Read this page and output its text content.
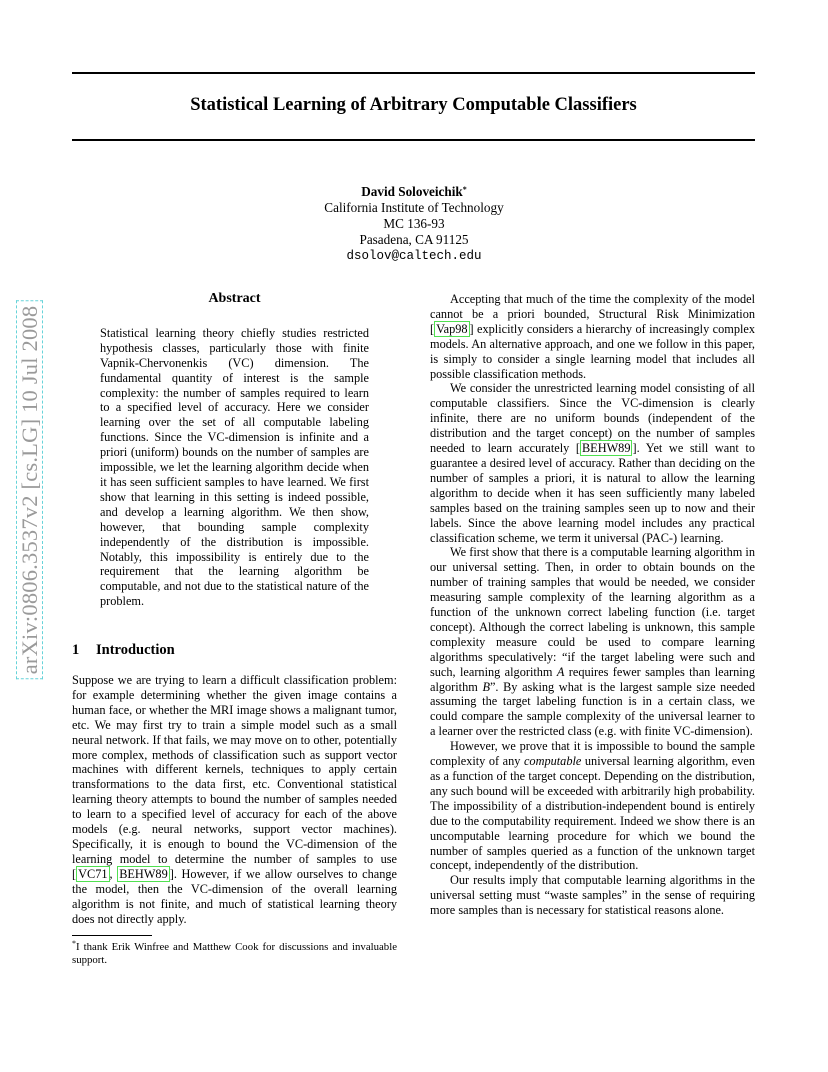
Statistical Learning of Arbitrary Computable Classifiers
David Soloveichik*
California Institute of Technology
MC 136-93
Pasadena, CA 91125
dsolov@caltech.edu
arXiv:0806.3537v2 [cs.LG] 10 Jul 2008
Abstract

Statistical learning theory chiefly studies restricted hypothesis classes, particularly those with finite Vapnik-Chervonenkis (VC) dimension. The fundamental quantity of interest is the sample complexity: the number of samples required to learn to a specified level of accuracy. Here we consider learning over the set of all computable labeling functions. Since the VC-dimension is infinite and a priori (uniform) bounds on the number of samples are impossible, we let the learning algorithm decide when it has seen sufficient samples to have learned. We first show that learning in this setting is indeed possible, and develop a learning algorithm. We then show, however, that bounding sample complexity independently of the distribution is impossible. Notably, this impossibility is entirely due to the requirement that the learning algorithm be computable, and not due to the statistical nature of the problem.

1 Introduction

Suppose we are trying to learn a difficult classification problem: for example determining whether the given image contains a human face, or whether the MRI image shows a malignant tumor, etc. We may first try to train a simple model such as a small neural network. If that fails, we may move on to other, potentially more complex, methods of classification such as support vector machines with different kernels, techniques to apply certain transformations to the data first, etc. Conventional statistical learning theory attempts to bound the number of samples needed to learn to a specified level of accuracy for each of the above models (e.g. neural networks, support vector machines). Specifically, it is enough to bound the VC-dimension of the learning model to determine the number of samples to use [ VC71 , BEHW89 ]. However, if we allow ourselves to change the model, then the VC-dimension of the overall learning algorithm is not finite, and much of statistical learning theory does not directly apply.

*I thank Erik Winfree and Matthew Cook for discussions and invaluable support.

Accepting that much of the time the complexity of the model cannot be a priori bounded, Structural Risk Minimization [ Vap98 ] explicitly considers a hierarchy of increasingly complex models. An alternative approach, and one we follow in this paper, is simply to consider a single learning model that includes all possible classification methods.

We consider the unrestricted learning model consisting of all computable classifiers. Since the VC-dimension is clearly infinite, there are no uniform bounds (independent of the distribution and the target concept) on the number of samples needed to learn accurately [ BEHW89 ]. Yet we still want to guarantee a desired level of accuracy. Rather than deciding on the number of samples a priori, it is natural to allow the learning algorithm to decide when it has seen sufficiently many labeled samples based on the training samples seen up to now and their labels. Since the above learning model includes any practical classification scheme, we term it universal (PAC-) learning.

We first show that there is a computable learning algorithm in our universal setting. Then, in order to obtain bounds on the number of training samples that would be needed, we consider measuring sample complexity of the learning algorithm as a function of the unknown correct labeling function (i.e. target concept). Although the correct labeling is unknown, this sample complexity measure could be used to compare learning algorithms speculatively: “if the target labeling were such and such, learning algorithm A requires fewer samples than learning algorithm B”. By asking what is the largest sample size needed assuming the target labeling function is in a certain class, we could compare the sample complexity of the universal learner to a learner over the restricted class (e.g. with finite VC-dimension).

However, we prove that it is impossible to bound the sample complexity of any computable universal learning algorithm, even as a function of the target concept. Depending on the distribution, any such bound will be exceeded with arbitrarily high probability. The impossibility of a distribution-independent bound is entirely due to the computability requirement. Indeed we show there is an uncomputable learning procedure for which we bound the number of samples queried as a function of the unknown target concept, independently of the distribution.

Our results imply that computable learning algorithms in the universal setting must “waste samples” in the sense of requiring more samples than is necessary for statistical reasons alone.
